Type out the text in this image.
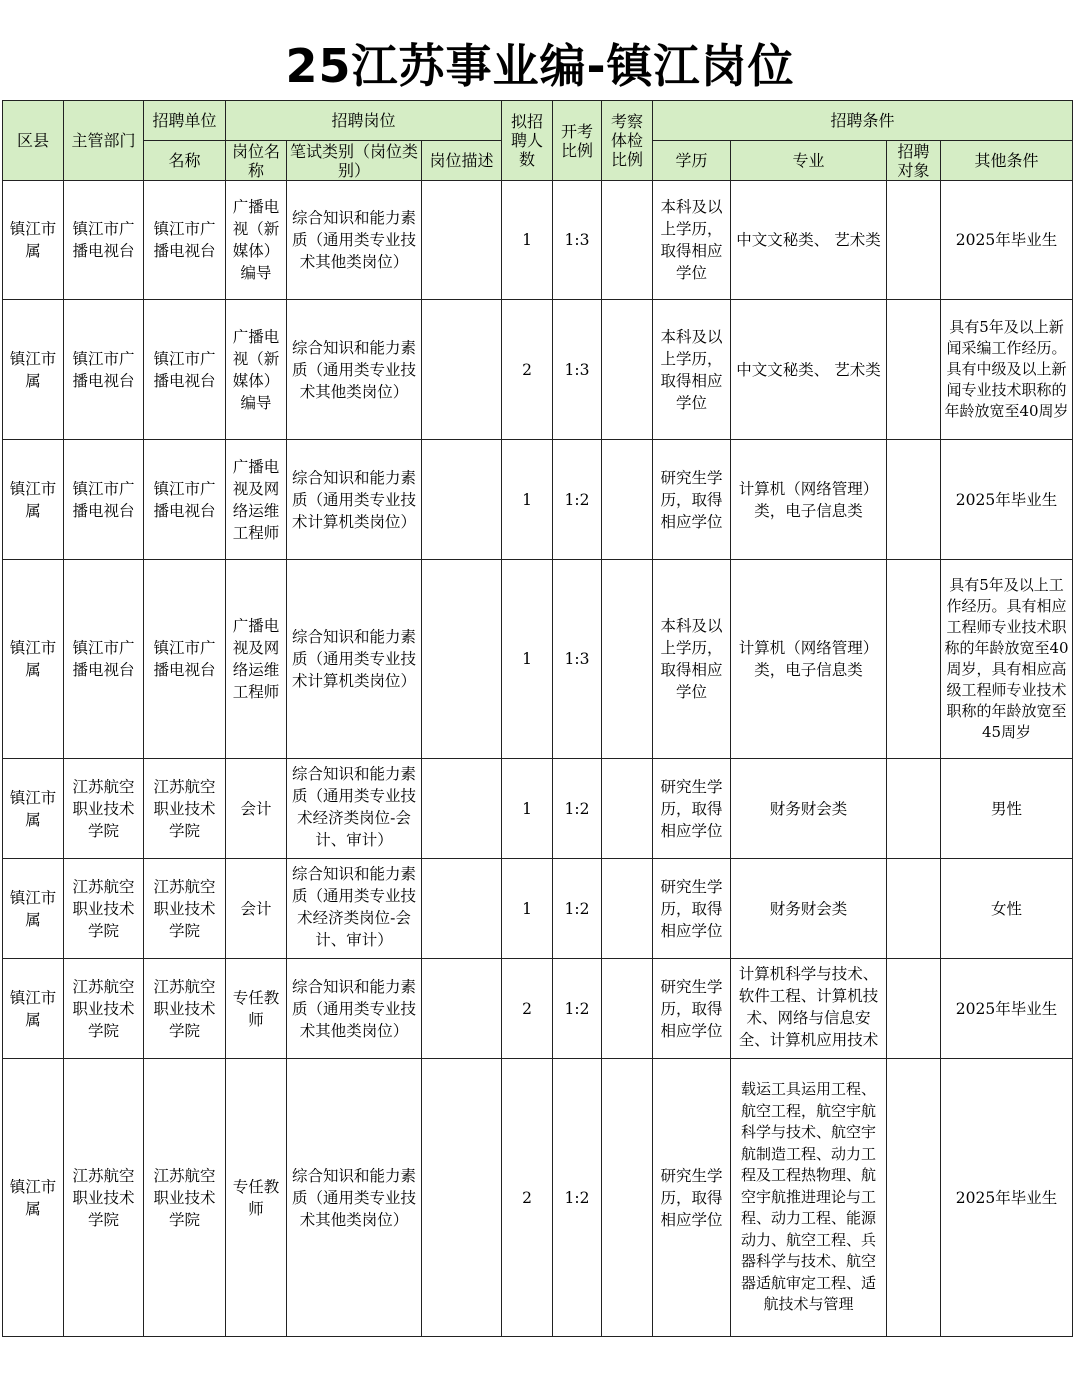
25江苏事业编-镇江岗位
区县	主管部门	招聘单位	招聘岗位			拟招聘人数	开考比例	考察体检比例	招聘条件			
		名称	岗位名称	笔试类别（岗位类别）	岗位描述				学历	专业	招聘对象	其他条件
镇江市属	镇江市广播电视台	镇江市广播电视台	广播电视（新媒体）编导	综合知识和能力素质（通用类专业技术其他类岗位）		1	1:3		本科及以上学历，取得相应学位	中文文秘类、 艺术类		2025年毕业生
镇江市属	镇江市广播电视台	镇江市广播电视台	广播电视（新媒体）编导	综合知识和能力素质（通用类专业技术其他类岗位）		2	1:3		本科及以上学历，取得相应学位	中文文秘类、 艺术类		具有5年及以上新闻采编工作经历。具有中级及以上新闻专业技术职称的年龄放宽至40周岁
镇江市属	镇江市广播电视台	镇江市广播电视台	广播电视及网络运维工程师	综合知识和能力素质（通用类专业技术计算机类岗位）		1	1:2		研究生学历，取得相应学位	计算机（网络管理）类，电子信息类		2025年毕业生
镇江市属	镇江市广播电视台	镇江市广播电视台	广播电视及网络运维工程师	综合知识和能力素质（通用类专业技术计算机类岗位）		1	1:3		本科及以上学历，取得相应学位	计算机（网络管理）类，电子信息类		具有5年及以上工作经历。具有相应工程师专业技术职称的年龄放宽至40周岁，具有相应高级工程师专业技术职称的年龄放宽至45周岁
镇江市属	江苏航空职业技术学院	江苏航空职业技术学院	会计	综合知识和能力素质（通用类专业技术经济类岗位-会计、审计）		1	1:2		研究生学历，取得相应学位	财务财会类		男性
镇江市属	江苏航空职业技术学院	江苏航空职业技术学院	会计	综合知识和能力素质（通用类专业技术经济类岗位-会计、审计）		1	1:2		研究生学历，取得相应学位	财务财会类		女性
镇江市属	江苏航空职业技术学院	江苏航空职业技术学院	专任教师	综合知识和能力素质（通用类专业技术其他类岗位）		2	1:2		研究生学历，取得相应学位	计算机科学与技术、软件工程、计算机技术、网络与信息安全、计算机应用技术		2025年毕业生
镇江市属	江苏航空职业技术学院	江苏航空职业技术学院	专任教师	综合知识和能力素质（通用类专业技术其他类岗位）		2	1:2		研究生学历，取得相应学位	载运工具运用工程、航空工程，航空宇航科学与技术、航空宇航制造工程、动力工程及工程热物理、航空宇航推进理论与工程、动力工程、能源动力、航空工程、兵器科学与技术、航空器适航审定工程、适航技术与管理		2025年毕业生
